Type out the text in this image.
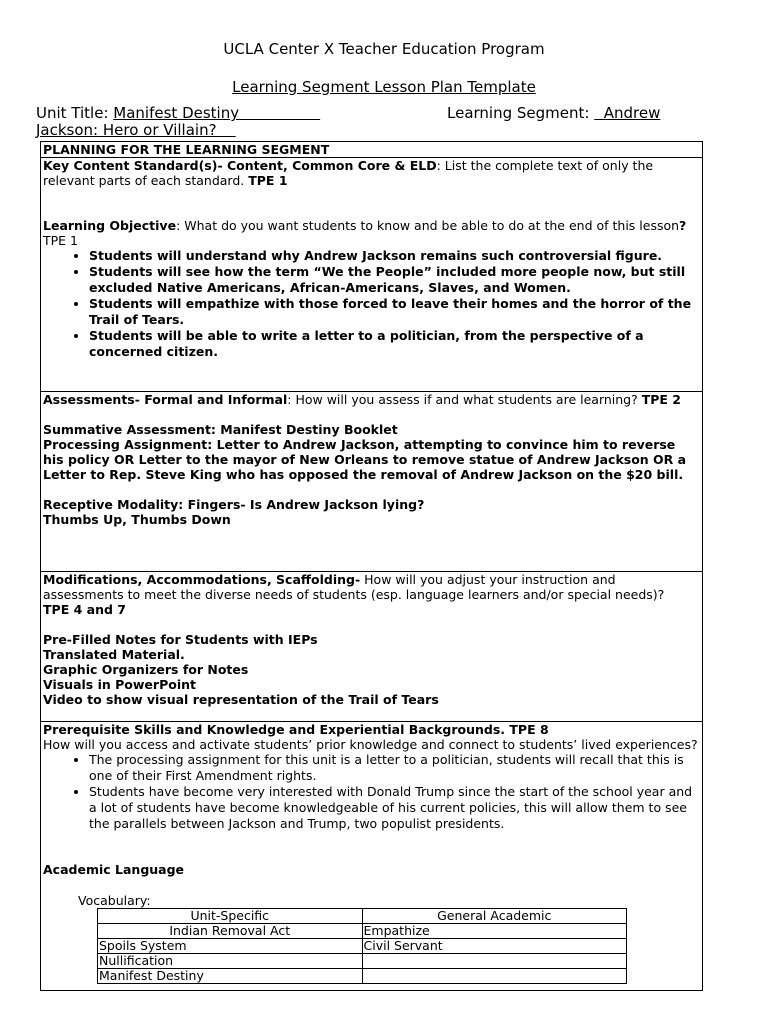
UCLA Center X Teacher Education Program
Learning Segment Lesson Plan Template
Unit Title: Manifest Destiny	Learning Segment:   Andrew
Jackson: Hero or Villain?
PLANNING FOR THE LEARNING SEGMENT

Key Content Standard(s)- Content, Common Core & ELD: List the complete text of only the relevant parts of each standard. TPE 1

Learning Objective: What do you want students to know and be able to do at the end of this lesson?
TPE 1

• Students will understand why Andrew Jackson remains such controversial figure.
• Students will see how the term “We the People” included more people now, but still excluded Native Americans, African-Americans, Slaves, and Women.
• Students will empathize with those forced to leave their homes and the horror of the Trail of Tears.
• Students will be able to write a letter to a politician, from the perspective of a concerned citizen.

Assessments- Formal and Informal: How will you assess if and what students are learning? TPE 2

Summative Assessment: Manifest Destiny Booklet

Processing Assignment: Letter to Andrew Jackson, attempting to convince him to reverse his policy OR Letter to the mayor of New Orleans to remove statue of Andrew Jackson OR a Letter to Rep. Steve King who has opposed the removal of Andrew Jackson on the $20 bill.

Receptive Modality: Fingers- Is Andrew Jackson lying?

Thumbs Up, Thumbs Down

Modifications, Accommodations, Scaffolding- How will you adjust your instruction and assessments to meet the diverse needs of students (esp. language learners and/or special needs)?
TPE 4 and 7

Pre-Filled Notes for Students with IEPs

Translated Material.

Graphic Organizers for Notes

Visuals in PowerPoint

Video to show visual representation of the Trail of Tears

Prerequisite Skills and Knowledge and Experiential Backgrounds. TPE 8

How will you access and activate students’ prior knowledge and connect to students’ lived experiences?

• The processing assignment for this unit is a letter to a politician, students will recall that this is one of their First Amendment rights.
• Students have become very interested with Donald Trump since the start of the school year and a lot of students have become knowledgeable of his current policies, this will allow them to see the parallels between Jackson and Trump, two populist presidents.

Academic Language

Vocabulary:
Unit-Specific	General Academic
Indian Removal Act	Empathize
Spoils System	Civil Servant
Nullification	
Manifest Destiny	
